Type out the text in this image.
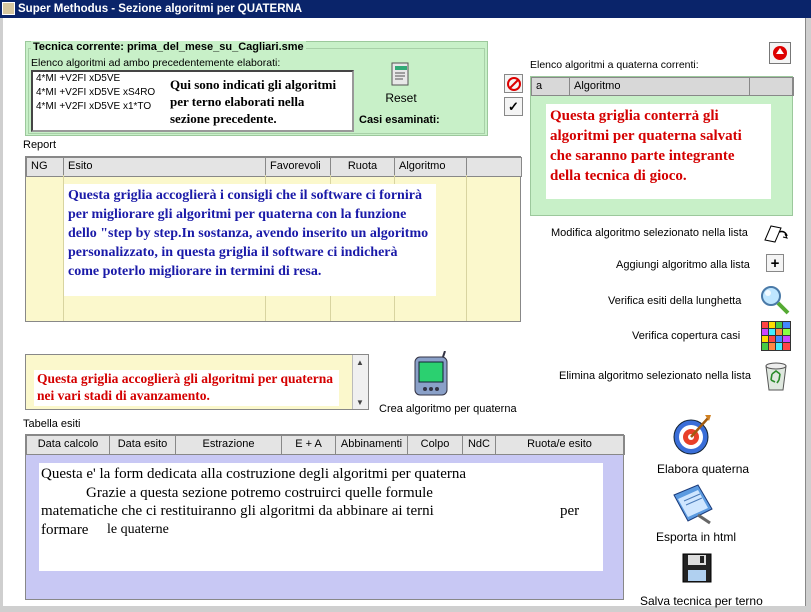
Super Methodus - Sezione algoritmi per QUATERNA
Tecnica corrente: prima_del_mese_su_Cagliari.sme
Elenco algoritmi ad ambo precedentemente elaborati:
4*MI +V2FI xD5VE
4*MI +V2FI xD5VE xS4RO
4*MI +V2FI xD5VE x1*TO
Qui sono indicati gli algoritmi per terno elaborati nella sezione precedente.
Reset
Casi esaminati:
Report
NG	Esito	Favorevoli	Ruota	Algoritmo
Questa griglia accoglierà i consigli che il software ci fornirà per migliorare gli algoritmi per quaterna con la funzione dello "step by step.In sostanza, avendo inserito un algoritmo personalizzato, in questa griglia il software ci indicherà come poterlo migliorare in termini di resa.
Elenco algoritmi a quaterna correnti:
✓
a	Algoritmo
Questa griglia conterrả gli algoritmi per quaterna salvati che saranno parte integrante della tecnica di gioco.
Modifica algoritmo selezionato nella lista
Aggiungi algoritmo alla lista +
Verifica esiti della lunghetta
Verifica copertura casi
Elimina algoritmo selezionato nella lista
Questa griglia accoglierà gli algoritmi per quaterna nei vari stadi di avanzamento.
▲
▼
Crea algoritmo per quaterna
Tabella esiti
Data calcolo	Data esito	Estrazione	E + A	Abbinamenti	Colpo	NdC	Ruota/e esito
Questa e' la form dedicata alla costruzione degli algoritmi per quaterna
Grazie a questa sezione potremo costruirci quelle formule
matematiche che ci restituiranno gli algoritmi da abbinare ai terni	per
formare le quaterne
Elabora quaterna
Esporta in html
Salva tecnica per terno
